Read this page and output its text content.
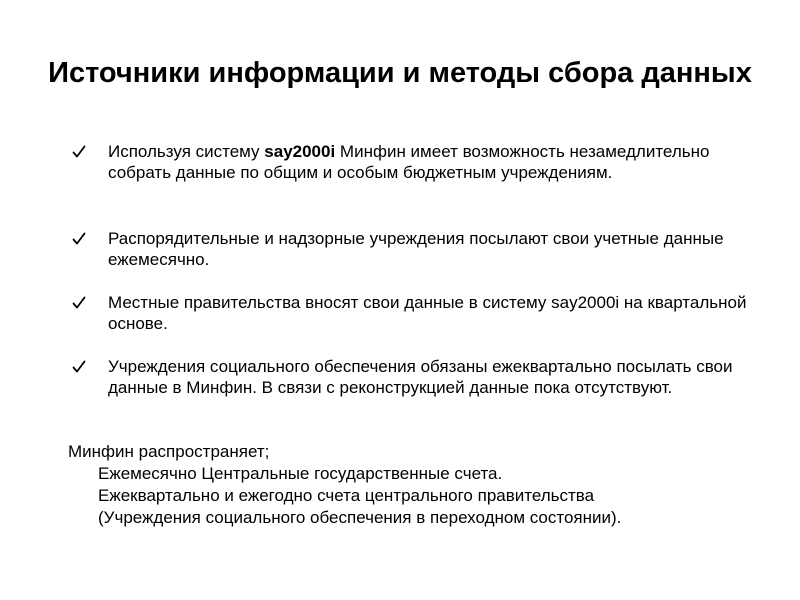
Источники информации и методы сбора данных
Используя систему say2000i Минфин имеет возможность незамедлительно собрать данные по общим и особым бюджетным учреждениям.
Распорядительные и надзорные учреждения посылают свои учетные данные ежемесячно.
Местные правительства вносят свои данные в систему say2000i на квартальной основе.
Учреждения социального обеспечения обязаны ежеквартально посылать свои данные в Минфин. В связи с реконструкцией данные пока отсутствуют.
Минфин распространяет;
Ежемесячно Центральные государственные счета.
Ежеквартально и ежегодно счета центрального правительства
(Учреждения социального обеспечения в переходном состоянии).
